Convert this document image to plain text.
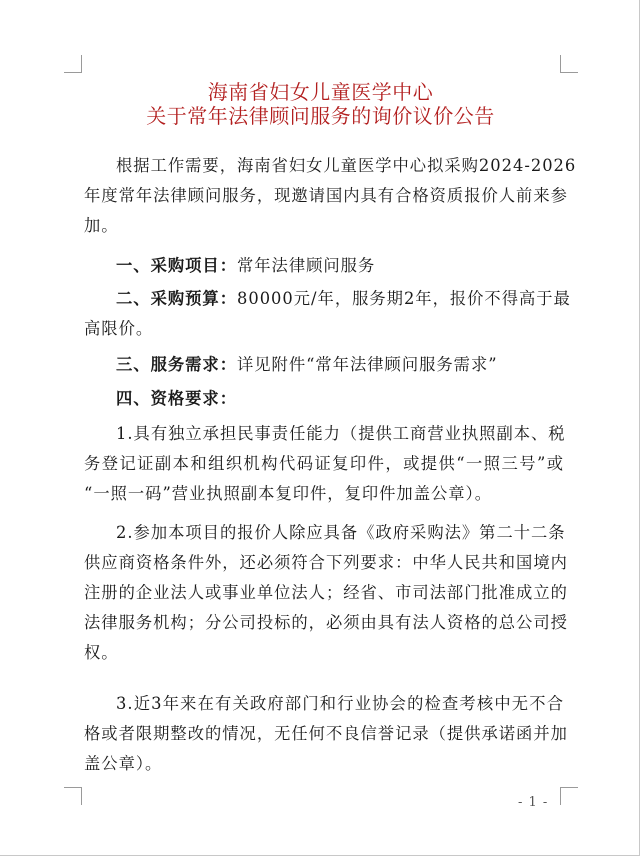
海南省妇女儿童医学中心
关于常年法律顾问服务的询价议价公告
根据工作需要，海南省妇女儿童医学中心拟采购2024-2026
年度常年法律顾问服务，现邀请国内具有合格资质报价人前来参
加。
一、采购项目：常年法律顾问服务
二、采购预算：80000元/年，服务期2年，报价不得高于最
高限价。
三、服务需求：详见附件“常年法律顾问服务需求”
四、资格要求：
1.具有独立承担民事责任能力（提供工商营业执照副本、税
务登记证副本和组织机构代码证复印件，或提供“一照三号”或
“一照一码”营业执照副本复印件，复印件加盖公章）。
2.参加本项目的报价人除应具备《政府采购法》第二十二条
供应商资格条件外，还必须符合下列要求：中华人民共和国境内
注册的企业法人或事业单位法人；经省、市司法部门批准成立的
法律服务机构；分公司投标的，必须由具有法人资格的总公司授
权。
3.近3年来在有关政府部门和行业协会的检查考核中无不合
格或者限期整改的情况，无任何不良信誉记录（提供承诺函并加
盖公章）。
- 1 -
